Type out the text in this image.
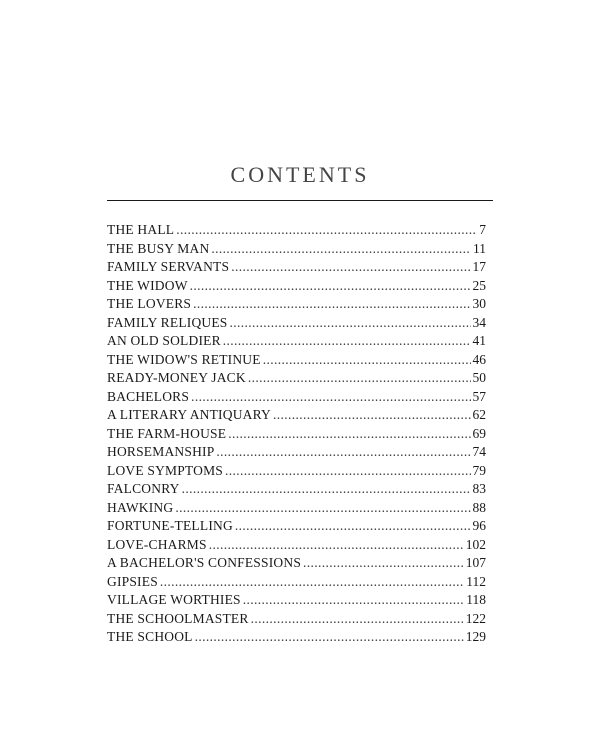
CONTENTS
THE HALL . . .	7
THE BUSY MAN . . .	11
FAMILY SERVANTS . . .	17
THE WIDOW . . .	25
THE LOVERS . . .	30
FAMILY RELIQUES . . .	34
AN OLD SOLDIER . . .	41
THE WIDOW'S RETINUE . . .	46
READY-MONEY JACK . . .	50
BACHELORS . . .	57
A LITERARY ANTIQUARY . . .	62
THE FARM-HOUSE . . .	69
HORSEMANSHIP . . .	74
LOVE SYMPTOMS . . .	79
FALCONRY . . .	83
HAWKING . . .	88
FORTUNE-TELLING . . .	96
LOVE-CHARMS . . .	102
A BACHELOR'S CONFESSIONS . . .	107
GIPSIES . . .	112
VILLAGE WORTHIES . . .	118
THE SCHOOLMASTER . . .	122
THE SCHOOL . . .	129
